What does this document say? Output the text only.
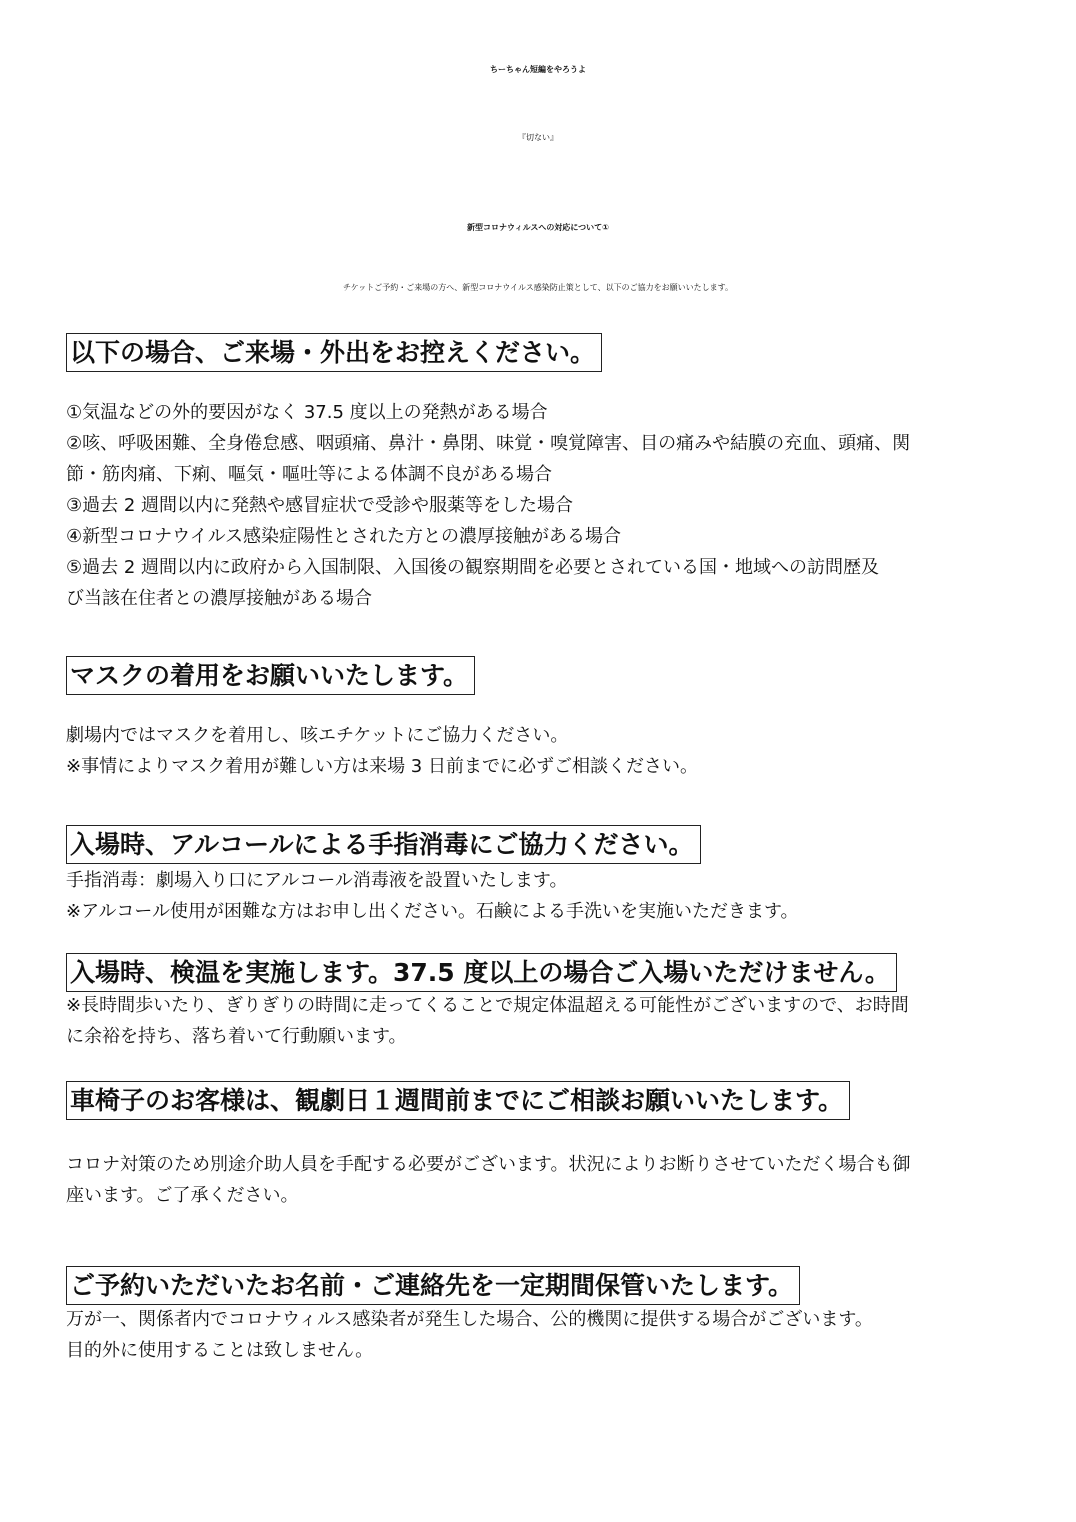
ちーちゃん短編をやろうよ
『切ない』
新型コロナウィルスへの対応について①
チケットご予約・ご来場の方へ、新型コロナウイルス感染防止策として、以下のご協力をお願いいたします。
以下の場合、ご来場・外出をお控えください。
①気温などの外的要因がなく 37.5 度以上の発熱がある場合
②咳、呼吸困難、全身倦怠感、咽頭痛、鼻汁・鼻閉、味覚・嗅覚障害、目の痛みや結膜の充血、頭痛、関
節・筋肉痛、下痢、嘔気・嘔吐等による体調不良がある場合
③過去 2 週間以内に発熱や感冒症状で受診や服薬等をした場合
④新型コロナウイルス感染症陽性とされた方との濃厚接触がある場合
⑤過去 2 週間以内に政府から入国制限、入国後の観察期間を必要とされている国・地域への訪問歴及
び当該在住者との濃厚接触がある場合
マスクの着用をお願いいたします。
劇場内ではマスクを着用し、咳エチケットにご協力ください。
※事情によりマスク着用が難しい方は来場 3 日前までに必ずご相談ください。
入場時、アルコールによる手指消毒にご協力ください。
手指消毒：劇場入り口にアルコール消毒液を設置いたします。
※アルコール使用が困難な方はお申し出ください。石鹸による手洗いを実施いただきます。
入場時、検温を実施します。37.5 度以上の場合ご入場いただけません。
※長時間歩いたり、ぎりぎりの時間に走ってくることで規定体温超える可能性がございますので、お時間
に余裕を持ち、落ち着いて行動願います。
車椅子のお客様は、観劇日１週間前までにご相談お願いいたします。
コロナ対策のため別途介助人員を手配する必要がございます。状況によりお断りさせていただく場合も御
座います。ご了承ください。
ご予約いただいたお名前・ご連絡先を一定期間保管いたします。
万が一、関係者内でコロナウィルス感染者が発生した場合、公的機関に提供する場合がございます。
目的外に使用することは致しません。
